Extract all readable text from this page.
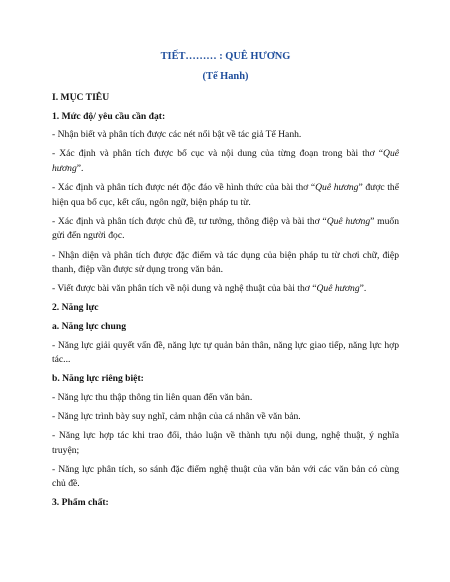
TIẾT……… : QUÊ HƯƠNG
(Tế Hanh)
I. MỤC TIÊU
1. Mức độ/ yêu cầu cần đạt:

- Nhận biết và phân tích được các nét nổi bật về tác giả Tế Hanh.

- Xác định và phân tích được bố cục và nội dung của từng đoạn trong bài thơ “Quê hương”.

- Xác định và phân tích được nét độc đáo về hình thức của bài thơ “Quê hương” được thể hiện qua bố cục, kết cấu, ngôn ngữ, biện pháp tu từ.

- Xác định và phân tích được chủ đề, tư tưởng, thông điệp và bài thơ “Quê hương” muốn gửi đến người đọc.

- Nhận diện và phân tích được đặc điểm và tác dụng của biện pháp tu từ chơi chữ, điệp thanh, điệp vần được sử dụng trong văn bản.

- Viết được bài văn phân tích về nội dung và nghệ thuật của bài thơ “Quê hương”.

2. Năng lực
a. Năng lực chung

- Năng lực giải quyết vấn đề, năng lực tự quản bản thân, năng lực giao tiếp, năng lực hợp tác...

b. Năng lực riêng biệt:

- Năng lực thu thập thông tin liên quan đến văn bản.

- Năng lực trình bày suy nghĩ, cảm nhận của cá nhân về văn bản.

- Năng lực hợp tác khi trao đổi, thảo luận về thành tựu nội dung, nghệ thuật, ý nghĩa truyện;

- Năng lực phân tích, so sánh đặc điểm nghệ thuật của văn bản với các văn bản có cùng chủ đề.

3. Phẩm chất:
